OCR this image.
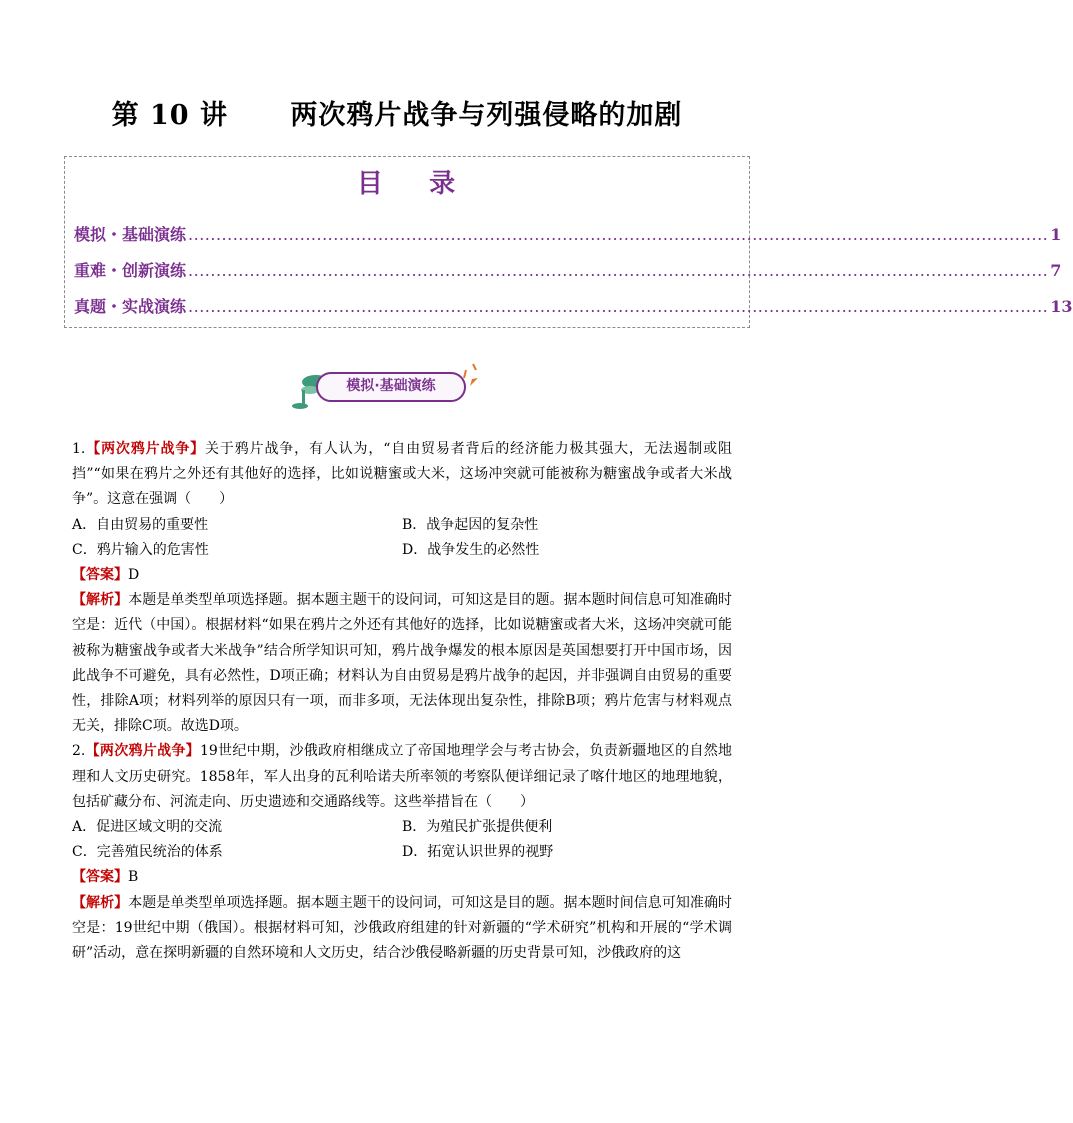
第 10 讲      两次鸦片战争与列强侵略的加剧
目    录
模拟・基础演练 .......................................................................................................................................................... 1
重难・创新演练 .......................................................................................................................................................... 7
真题・实战演练 .......................................................................................................................................................... 13
模拟·基础演练

1.【两次鸦片战争】关于鸦片战争，有人认为，“自由贸易者背后的经济能力极其强大，无法遏制或阻挡”“如果在鸦片之外还有其他好的选择，比如说糖蜜或大米，这场冲突就可能被称为糖蜜战争或者大米战争”。这意在强调（　　）

A．自由贸易的重要性	B．战争起因的复杂性
C．鸦片输入的危害性	D．战争发生的必然性

【答案】D

【解析】本题是单类型单项选择题。据本题主题干的设问词，可知这是目的题。据本题时间信息可知准确时空是：近代（中国）。根据材料“如果在鸦片之外还有其他好的选择，比如说糖蜜或者大米，这场冲突就可能被称为糖蜜战争或者大米战争”结合所学知识可知，鸦片战争爆发的根本原因是英国想要打开中国市场，因此战争不可避免，具有必然性，D项正确；材料认为自由贸易是鸦片战争的起因，并非强调自由贸易的重要性，排除A项；材料列举的原因只有一项，而非多项，无法体现出复杂性，排除B项；鸦片危害与材料观点无关，排除C项。故选D项。

2.【两次鸦片战争】19世纪中期，沙俄政府相继成立了帝国地理学会与考古协会，负责新疆地区的自然地理和人文历史研究。1858年，军人出身的瓦利哈诺夫所率领的考察队便详细记录了喀什地区的地理地貌，包括矿藏分布、河流走向、历史遗迹和交通路线等。这些举措旨在（　　）

A．促进区域文明的交流	B．为殖民扩张提供便利
C．完善殖民统治的体系	D．拓宽认识世界的视野

【答案】B

【解析】本题是单类型单项选择题。据本题主题干的设问词，可知这是目的题。据本题时间信息可知准确时空是：19世纪中期（俄国）。根据材料可知，沙俄政府组建的针对新疆的“学术研究”机构和开展的“学术调研”活动，意在探明新疆的自然环境和人文历史，结合沙俄侵略新疆的历史背景可知，沙俄政府的这
